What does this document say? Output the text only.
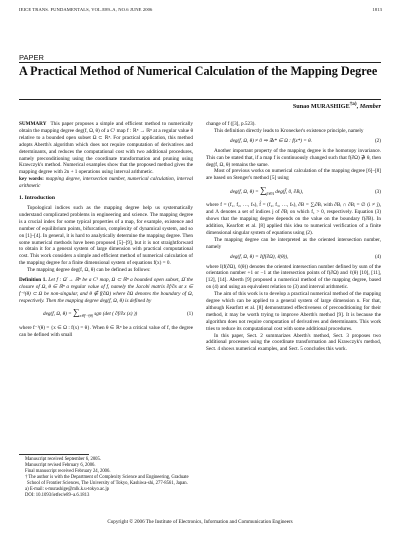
IEICE TRANS. FUNDAMENTALS, VOL.E89–A, NO.6 JUNE 2006	1813
PAPER
A Practical Method of Numerical Calculation of the Mapping Degree
Sunao MURASHIGE$^{\dagger a)}$, Member

SUMMARY This paper proposes a simple and efficient method to numerically obtain the mapping degree deg(f, Ω, θ) of a C¹ map f : ℝⁿ → ℝⁿ at a regular value θ relative to a bounded open subset Ω ⊂ ℝⁿ. For practical application, this method adopts Aberth's algorithm which does not require computation of derivatives and determinants, and reduces the computational cost with two additional procedures, namely preconditioning using the coordinate transformation and pruning using Krawczyk's method. Numerical examples show that the proposed method gives the mapping degree with 2n + 1 operations using interval arithmetic.

key words: mapping degree, intersection number, numerical calculation, interval arithmetic

1. Introduction

Topological indices such as the mapping degree help us systematically understand complicated problems in engineering and science. The mapping degree is a crucial index for some typical properties of a map, for example, existence and number of equilibrium points, bifurcation, complexity of dynamical system, and so on [1]–[4]. In general, it is hard to analytically determine the mapping degree. Then some numerical methods have been proposed [5]–[9], but it is not straightforward to obtain it for a general system of large dimension with practical computational cost. This work considers a simple and efficient method of numerical calculation of the mapping degree for a finite dimensional system of equations f(x) = 0.

The mapping degree deg(f, Ω, θ) can be defined as follows:

Definition 1. Let f : Ω̄ → ℝⁿ be a C¹ map, Ω ⊂ ℝⁿ a bounded open subset, Ω̄ the closure of Ω, θ ∈ ℝⁿ a regular value of f, namely the Jacobi matrix ∂f/∂x at x ∈ f⁻¹(θ) ⊂ Ω be non-singular, and θ ∉ f(∂Ω) where ∂Ω denotes the boundary of Ω, respectively. Then the mapping degree deg(f, Ω, θ) is defined by

deg(f, Ω, $\theta) = \sum_{x\in f^{-1}(\theta)}$ sgn (det ( ∂f/∂x (x) ))	(1)

where f⁻¹(θ) = {x ∈ Ω : f(x) = θ}. When θ ∈ ℝⁿ be a critical value of f, the degree can be defined with small

Manuscript received September 6, 2005.

Manuscript revised February 6, 2006.

Final manuscript received February 24, 2006.

† The author is with the Department of Complexity Science and Engineering, Graduate School of Frontier Sciences, The University of Tokyo, Kashiwa-shi, 277-8561, Japan.

a) E-mail: s-murashige@mlk.k.u-tokyo.ac.jp

DOI: 10.1093/ietfec/e89–a.6.1813

change of f ([3], p.523).

This definition directly leads to Kronecker's existence principle, namely

deg(f, Ω, θ) ≠ 0 ⇒ ∃x* ∈ Ω : f(x*) = θ.	(2)

Another important property of the mapping degree is the homotopy invariance. This can be stated that, if a map f is continuously changed such that f(∂Ω) ∌ θ, then deg(f, Ω, θ) remains the same.

Most of previous works on numerical calculation of the mapping degree [6]–[8] are based on Stenger's method [5] using

deg(f, Ω, $\theta) = \sum_{\beta\in\Lambda}$ deg(f̂, 0, ∂Bᵢ),	(3)

where f = (f₁, f₂, …, fₙ), f̂ = (f₂, f₃, …, fₙ), ∂B = ∑ᵢ∂Bᵢ with ∂Bᵢ ∩ ∂Bⱼ = ∅ (i ≠ j), and Λ denotes a set of indices j of ∂Bⱼ on which f₁ > 0, respectively. Equation (3) shows that the mapping degree depends on the value on the boundary f(∂B). In addition, Kearfott et al. [8] applied this idea to numerical verification of a finite dimensional singular system of equations using (2).

The mapping degree can be interpreted as the oriented intersection number, namely

deg(f, Ω, θ) = I(f(∂Ω), ℓ(θ)),	(4)

where I(f(∂Ω), ℓ(θ)) denotes the oriented intersection number defined by sum of the orientation number +1 or −1 at the intersection points of f(∂Ω) and ℓ(θ) [10], [11], [12], [14]. Aberth [9] proposed a numerical method of the mapping degree, based on (4) and using an equivalent relation to (3) and interval arithmetic.

The aim of this work is to develop a practical numerical method of the mapping degree which can be applied to a general system of large dimension n. For that, although Kearfott et al. [8] demonstrated effectiveness of preconditioning for their method, it may be worth trying to improve Aberth's method [9]. It is because the algorithm does not require computation of derivatives and determinants. This work tries to reduce its computational cost with some additional procedures.

In this paper, Sect. 2 summarizes Aberth's method, Sect. 3 proposes two additional processes using the coordinate transformation and Krawczyk's method, Sect. 4 shows numerical examples, and Sect. 5 concludes this work.

Copyright © 2006 The Institute of Electronics, Information and Communication Engineers
